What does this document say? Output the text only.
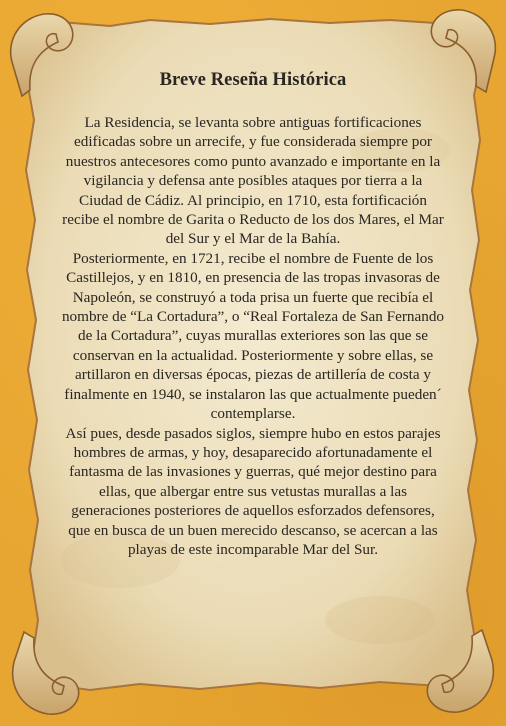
Breve Reseña Histórica

La Residencia, se levanta sobre antiguas fortificaciones edificadas sobre un arrecife, y fue considerada siempre por nuestros antecesores como punto avanzado e importante en la vigilancia y defensa ante posibles ataques por tierra a la Ciudad de Cádiz. Al principio, en 1710, esta fortificación recibe el nombre de Garita o Reducto de los dos Mares, el Mar del Sur y el Mar de la Bahía.

Posteriormente, en 1721, recibe el nombre de Fuente de los Castillejos, y en 1810, en presencia de las tropas invasoras de Napoleón, se construyó a toda prisa un fuerte que recibía el nombre de “La Cortadura”, o “Real Fortaleza de San Fernando de la Cortadura”, cuyas murallas exteriores son las que se conservan en la actualidad. Posteriormente y sobre ellas, se artillaron en diversas épocas, piezas de artillería de costa y finalmente en 1940, se instalaron las que actualmente pueden´ contemplarse.

Así pues, desde pasados siglos, siempre hubo en estos parajes hombres de armas, y hoy, desaparecido afortunadamente el fantasma de las invasiones y guerras, qué mejor destino para ellas, que albergar entre sus vetustas murallas a las generaciones posteriores de aquellos esforzados defensores, que en busca de un buen merecido descanso, se acercan a las playas de este incomparable Mar del Sur.
